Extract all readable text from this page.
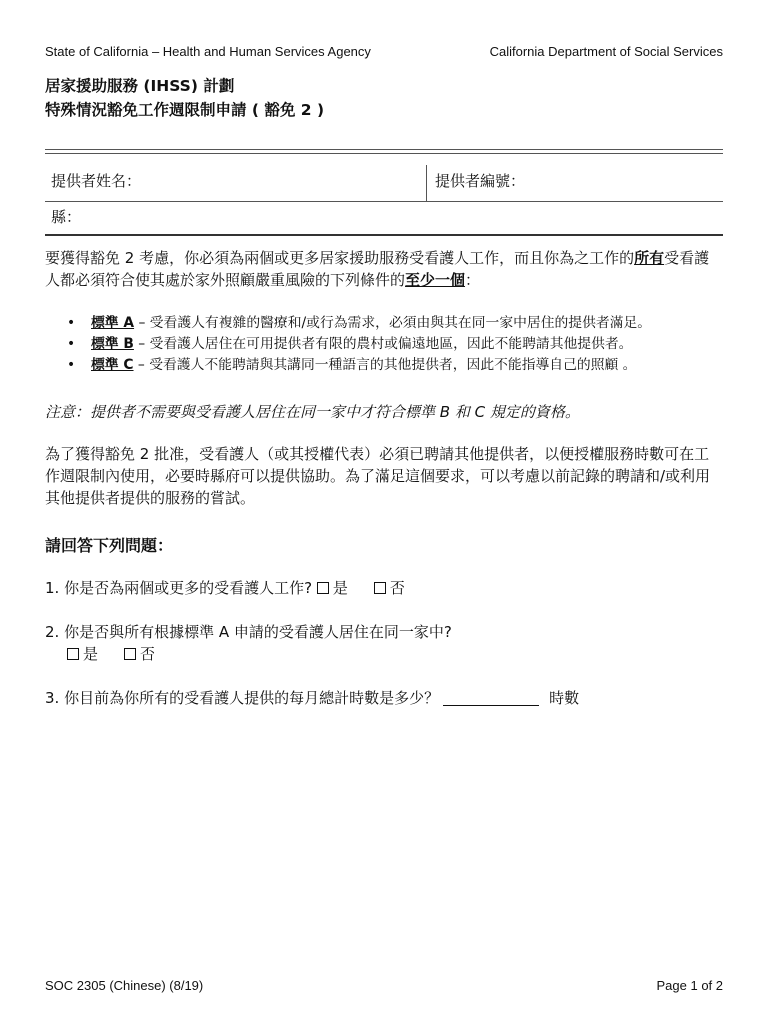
State of California – Health and Human Services Agency	California Department of Social Services
居家援助服務 (IHSS) 計劃
特殊情況豁免工作週限制申請 ( 豁免 2 )
提供者姓名：	提供者編號：
縣：
要獲得豁免 2 考慮，你必須為兩個或更多居家援助服務受看護人工作，而且你為之工作的所有受看護人都必須符合使其處於家外照顧嚴重風險的下列條件的至少一個：
• 標準 A – 受看護人有複雜的醫療和/或行為需求，必須由與其在同一家中居住的提供者滿足。
• 標準 B – 受看護人居住在可用提供者有限的農村或偏遠地區，因此不能聘請其他提供者。
• 標準 C – 受看護人不能聘請與其講同一種語言的其他提供者，因此不能指導自己的照顧 。
注意：提供者不需要與受看護人居住在同一家中才符合標準 B 和 C 規定的資格。
為了獲得豁免 2 批准，受看護人（或其授權代表）必須已聘請其他提供者，以便授權服務時數可在工作週限制內使用，必要時縣府可以提供協助。為了滿足這個要求，可以考慮以前記錄的聘請和/或利用其他提供者提供的服務的嘗試。
請回答下列問題：
1. 你是否為兩個或更多的受看護人工作? 是	否
2. 你是否與所有根據標準 A 申請的受看護人居住在同一家中?
是	否
3. 你目前為你所有的受看護人提供的每月總計時數是多少？	時數
SOC 2305 (Chinese) (8/19)	Page 1 of 2
